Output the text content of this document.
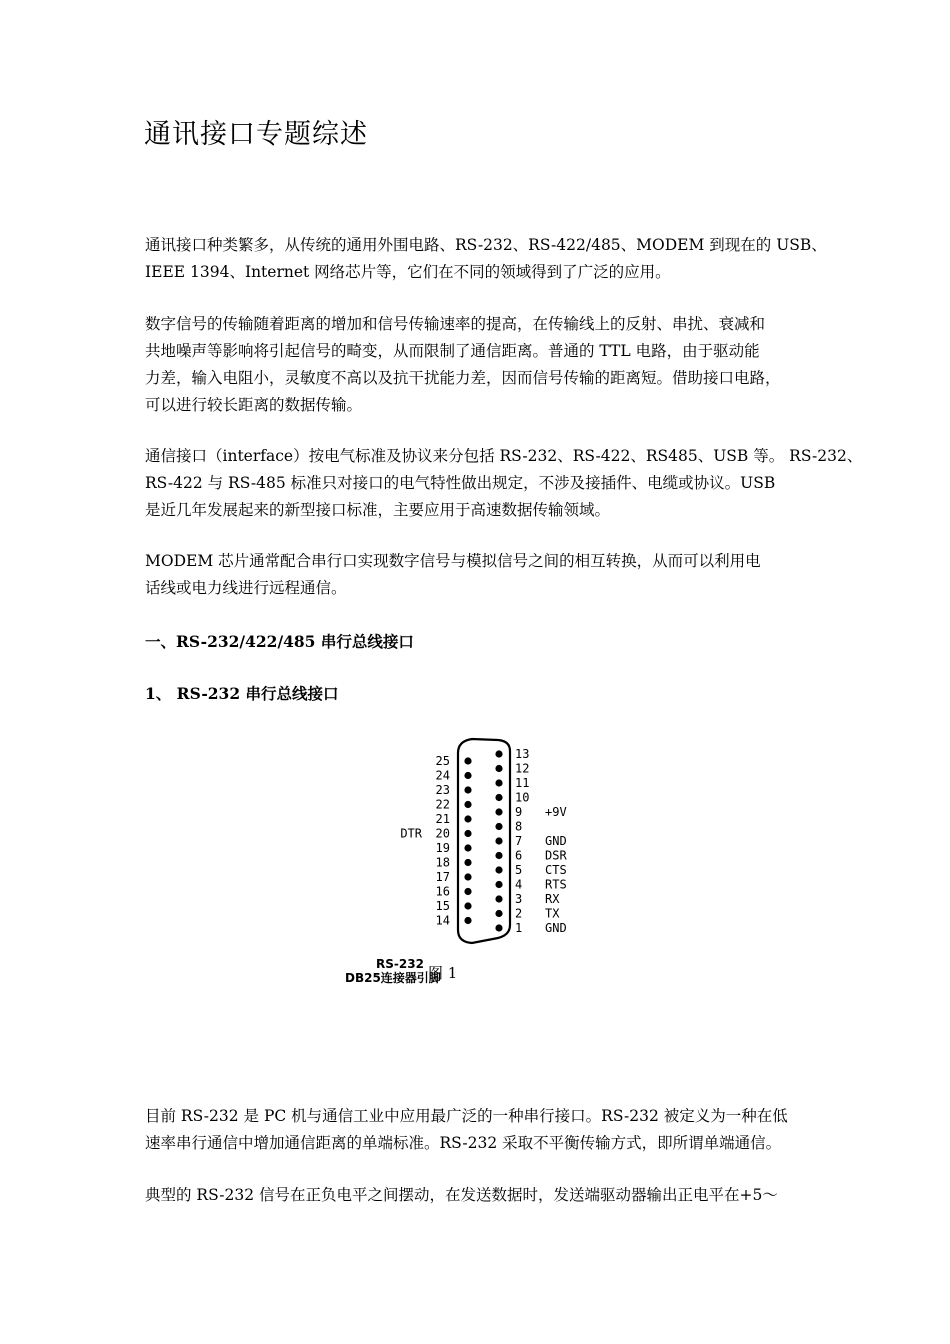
通讯接口专题综述

通讯接口种类繁多，从传统的通用外围电路、RS-232、RS-422/485、MODEM 到现在的 USB、
IEEE 1394、Internet 网络芯片等，它们在不同的领域得到了广泛的应用。

数字信号的传输随着距离的增加和信号传输速率的提高，在传输线上的反射、串扰、衰减和
共地噪声等影响将引起信号的畸变，从而限制了通信距离。普通的 TTL 电路，由于驱动能
力差，输入电阻小，灵敏度不高以及抗干扰能力差，因而信号传输的距离短。借助接口电路，
可以进行较长距离的数据传输。

通信接口（interface）按电气标准及协议来分包括 RS-232、RS-422、RS485、USB 等。 RS-232、
RS-422 与 RS-485 标准只对接口的电气特性做出规定，不涉及接插件、电缆或协议。USB
是近几年发展起来的新型接口标准，主要应用于高速数据传输领域。

MODEM 芯片通常配合串行口实现数字信号与模拟信号之间的相互转换，从而可以利用电
话线或电力线进行远程通信。

一、RS-232/422/485 串行总线接口
1、 RS-232 串行总线接口
13
12
11
10
9
8
7
6
5
4
3
2
1
25
24
23
22
21
20
19
18
17
16
15
14
DTR
+9V
GND
DSR
CTS
RTS
RX
TX
GND
RS-232
DB25连接器引脚
图 1

目前 RS-232 是 PC 机与通信工业中应用最广泛的一种串行接口。RS-232 被定义为一种在低
速率串行通信中增加通信距离的单端标准。RS-232 采取不平衡传输方式，即所谓单端通信。

典型的 RS-232 信号在正负电平之间摆动，在发送数据时，发送端驱动器输出正电平在+5～
